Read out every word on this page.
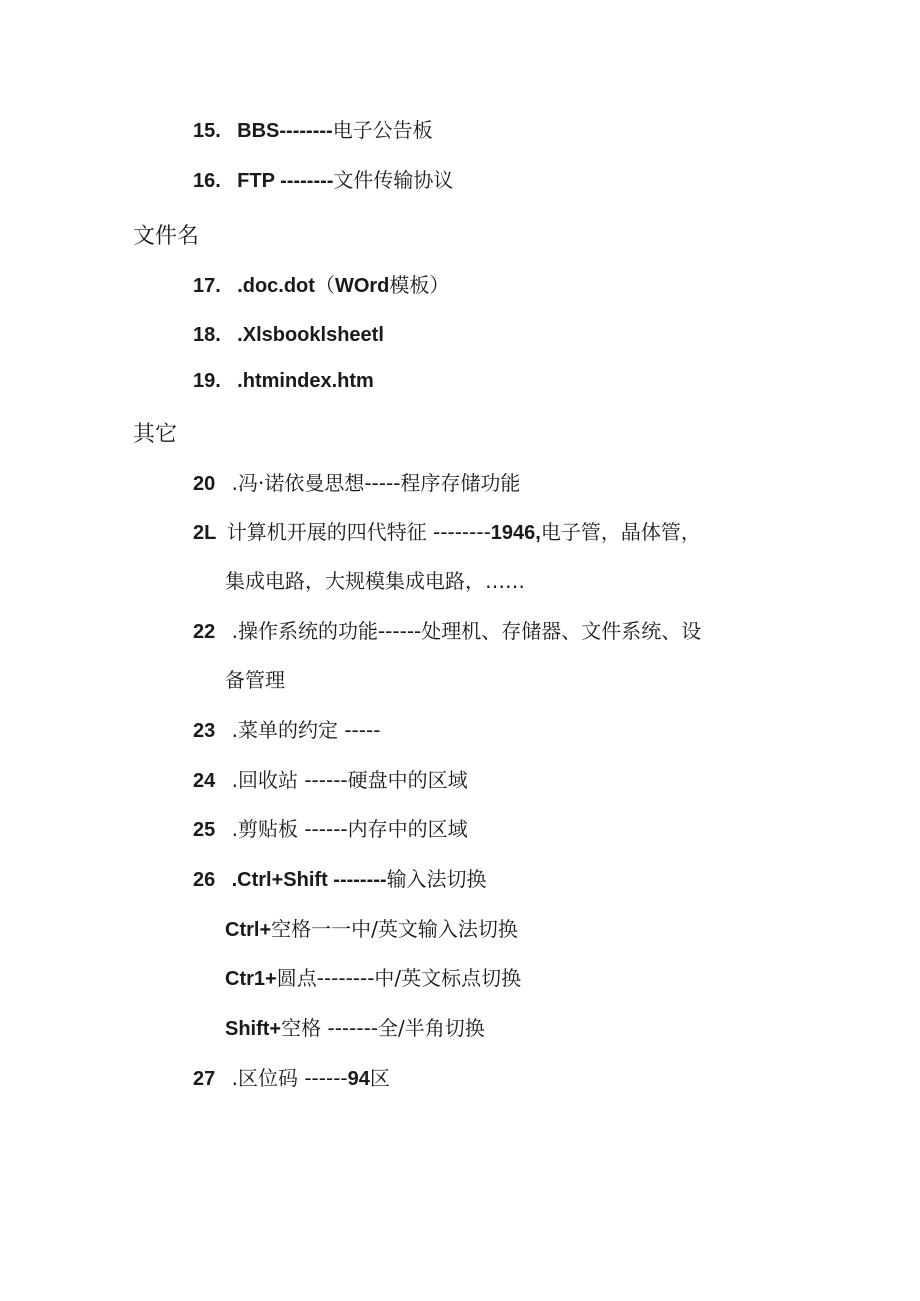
15. BBS--------电子公告板
16. FTP --------文件传输协议
文件名
17. .doc.dot（WOrd模板）
18. .Xlsbooklsheetl
19. .htmindex.htm
其它
20 .冯·诺依曼思想-----程序存储功能
2L 计算机开展的四代特征 --------1946,电子管，晶体管，
集成电路，大规模集成电路，……
22 .操作系统的功能------处理机、存储器、文件系统、设
备管理
23 .菜单的约定 -----
24 .回收站 ------硬盘中的区域
25 .剪贴板 ------内存中的区域
26 .Ctrl+Shift --------输入法切换
Ctrl+空格一一中/英文输入法切换
Ctr1+圆点--------中/英文标点切换
Shift+空格 -------全/半角切换
27 .区位码 ------94区
